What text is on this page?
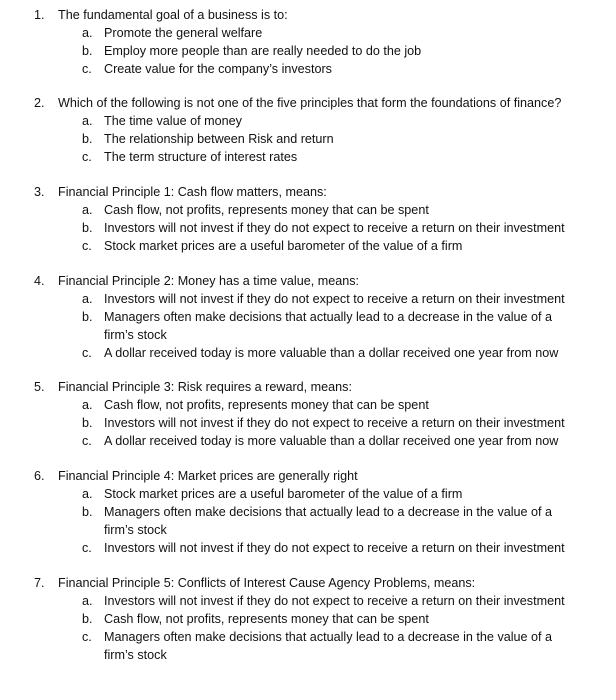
1. The fundamental goal of a business is to:
a. Promote the general welfare
b. Employ more people than are really needed to do the job
c. Create value for the company’s investors
2. Which of the following is not one of the five principles that form the foundations of finance?
a. The time value of money
b. The relationship between Risk and return
c. The term structure of interest rates
3. Financial Principle 1: Cash flow matters, means:
a. Cash flow, not profits, represents money that can be spent
b. Investors will not invest if they do not expect to receive a return on their investment
c. Stock market prices are a useful barometer of the value of a firm
4. Financial Principle 2: Money has a time value, means:
a. Investors will not invest if they do not expect to receive a return on their investment
b. Managers often make decisions that actually lead to a decrease in the value of a firm’s stock
c. A dollar received today is more valuable than a dollar received one year from now
5. Financial Principle 3: Risk requires a reward, means:
a. Cash flow, not profits, represents money that can be spent
b. Investors will not invest if they do not expect to receive a return on their investment
c. A dollar received today is more valuable than a dollar received one year from now
6. Financial Principle 4: Market prices are generally right
a. Stock market prices are a useful barometer of the value of a firm
b. Managers often make decisions that actually lead to a decrease in the value of a firm’s stock
c. Investors will not invest if they do not expect to receive a return on their investment
7. Financial Principle 5: Conflicts of Interest Cause Agency Problems, means:
a. Investors will not invest if they do not expect to receive a return on their investment
b. Cash flow, not profits, represents money that can be spent
c. Managers often make decisions that actually lead to a decrease in the value of a firm’s stock
